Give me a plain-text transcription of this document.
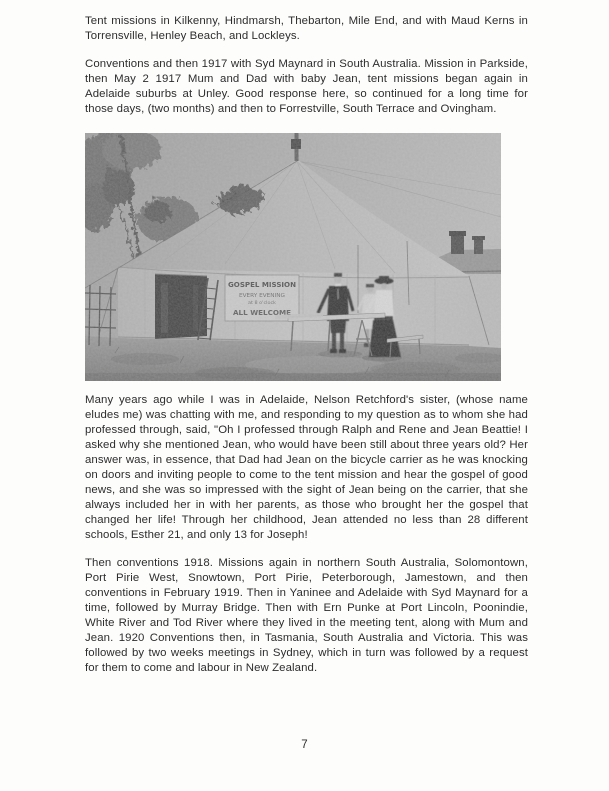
Tent missions in Kilkenny, Hindmarsh, Thebarton, Mile End, and with Maud Kerns in Torrensville, Henley Beach, and Lockleys.

Conventions and then 1917 with Syd Maynard in South Australia. Mission in Parkside, then May 2 1917 Mum and Dad with baby Jean, tent missions began again in Adelaide suburbs at Unley. Good response here, so continued for a long time for those days, (two months) and then to Forrestville, South Terrace and Ovingham.

Many years ago while I was in Adelaide, Nelson Retchford's sister, (whose name eludes me) was chatting with me, and responding to my question as to whom she had professed through, said, "Oh I professed through Ralph and Rene and Jean Beattie! I asked why she mentioned Jean, who would have been still about three years old? Her answer was, in essence, that Dad had Jean on the bicycle carrier as he was knocking on doors and inviting people to come to the tent mission and hear the gospel of good news, and she was so impressed with the sight of Jean being on the carrier, that she always included her in with her parents, as those who brought her the gospel that changed her life! Through her childhood, Jean attended no less than 28 different schools, Esther 21, and only 13 for Joseph!

Then conventions 1918. Missions again in northern South Australia, Solomontown, Port Pirie West, Snowtown, Port Pirie, Peterborough, Jamestown, and then conventions in February 1919. Then in Yaninee and Adelaide with Syd Maynard for a time, followed by Murray Bridge. Then with Ern Punke at Port Lincoln, Poonindie, White River and Tod River where they lived in the meeting tent, along with Mum and Jean. 1920 Conventions then, in Tasmania, South Australia and Victoria. This was followed by two weeks meetings in Sydney, which in turn was followed by a request for them to come and labour in New Zealand.

7
